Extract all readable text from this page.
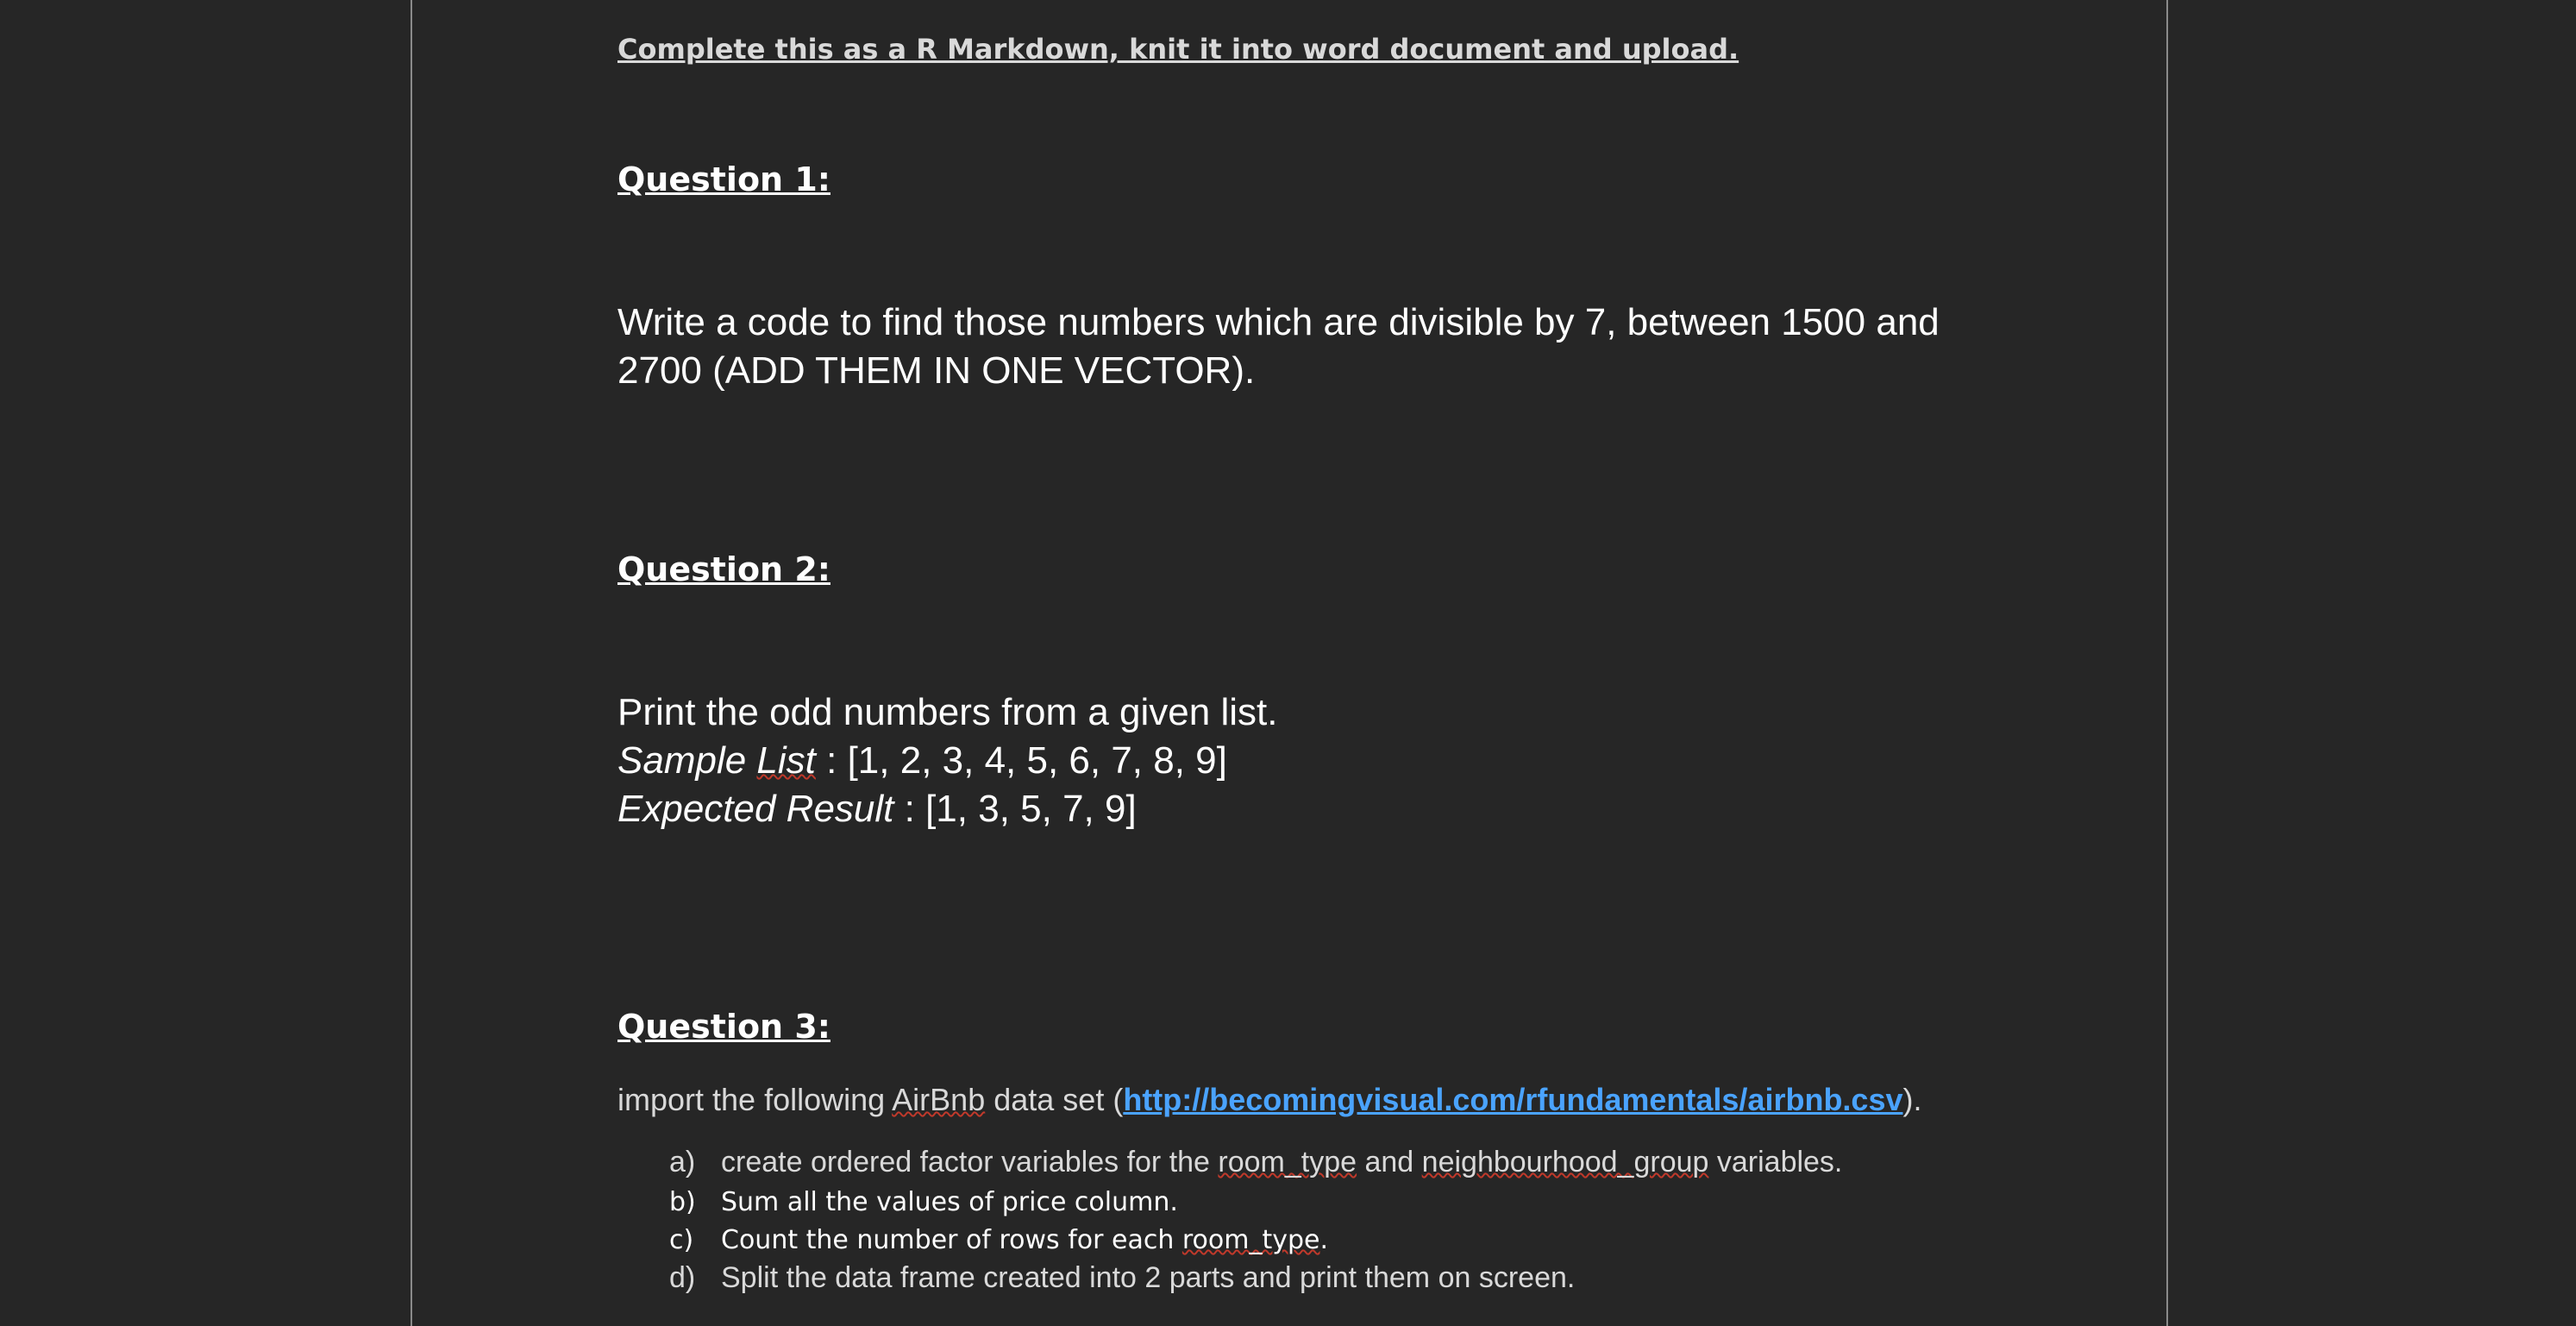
Complete this as a R Markdown, knit it into word document and upload.
Question 1:
Write a code to find those numbers which are divisible by 7, between 1500 and
2700 (ADD THEM IN ONE VECTOR).
Question 2:
Print the odd numbers from a given list.
Sample List : [1, 2, 3, 4, 5, 6, 7, 8, 9]
Expected Result : [1, 3, 5, 7, 9]
Question 3:
import the following AirBnb data set (http://becomingvisual.com/rfundamentals/airbnb.csv).
a) create ordered factor variables for the room_type and neighbourhood_group variables.
b) Sum all the values of price column.
c)	Count the number of rows for each room_type.
d) Split the data frame created into 2 parts and print them on screen.
